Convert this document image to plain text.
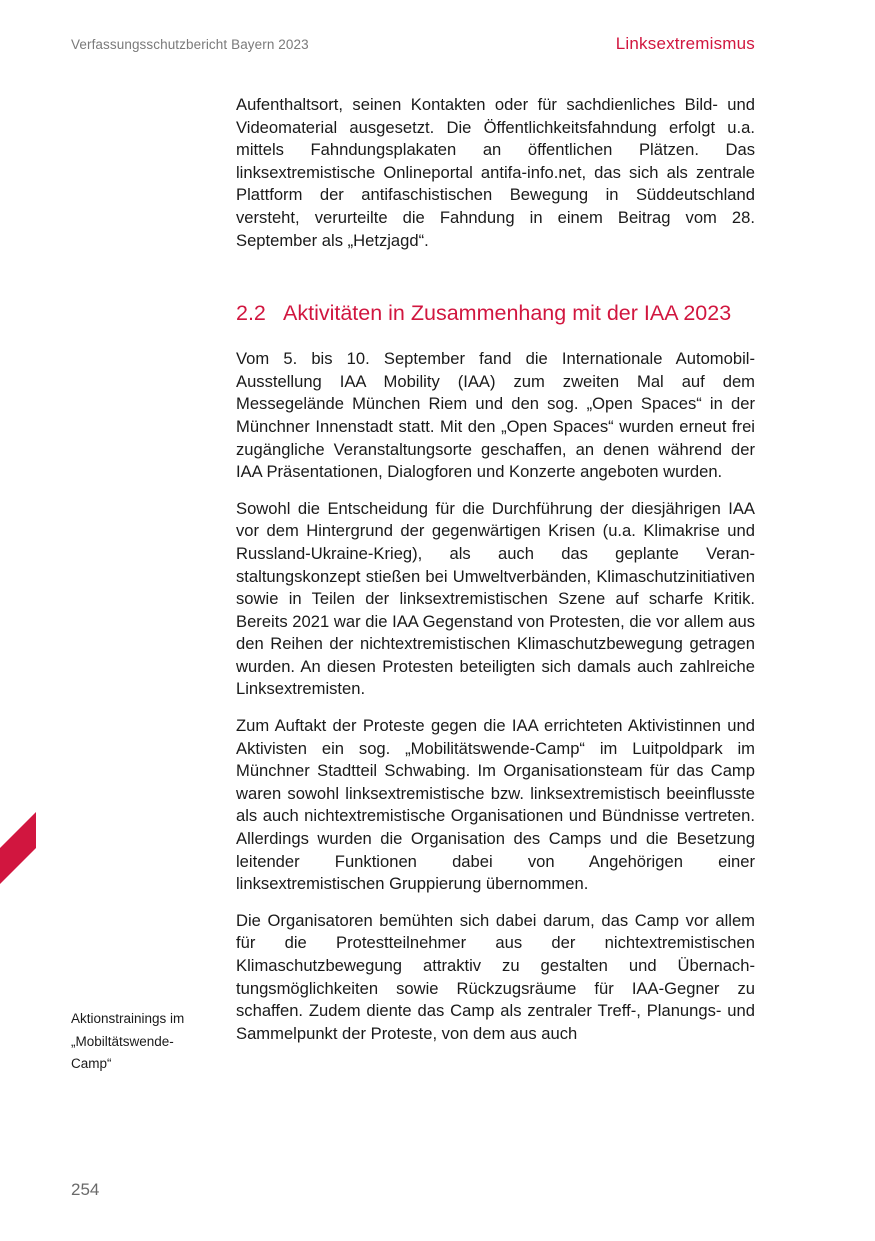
Verfassungsschutzbericht Bayern 2023	Linksextremismus

Aufenthaltsort, seinen Kontakten oder für sachdienliches Bild- und Videomaterial ausgesetzt. Die Öffentlichkeitsfahndung erfolgt u.a. mittels Fahndungsplakaten an öffentlichen Plätzen. Das linksextremistische Onlineportal antifa-info.net, das sich als zentrale Plattform der antifaschistischen Bewegung in Süddeutschland versteht, verurteilte die Fahndung in einem Beitrag vom 28. September als „Hetzjagd“.

2.2 Aktivitäten in Zusammenhang mit der IAA 2023

Vom 5. bis 10. September fand die Internationale Automobil-Ausstellung IAA Mobility (IAA) zum zweiten Mal auf dem Messegelände München Riem und den sog. „Open Spaces“ in der Münchner Innenstadt statt. Mit den „Open Spaces“ wurden erneut frei zugängliche Veranstaltungsorte geschaffen, an denen während der IAA Präsentationen, Dialogforen und Konzerte angeboten wurden.

Sowohl die Entscheidung für die Durchführung der diesjährigen IAA vor dem Hintergrund der gegenwärtigen Krisen (u.a. Klimakrise und Russland-Ukraine-Krieg), als auch das geplante Veranstaltungskonzept stießen bei Umweltverbänden, Klimaschutzinitiativen sowie in Teilen der linksextremistischen Szene auf scharfe Kritik. Bereits 2021 war die IAA Gegenstand von Protesten, die vor allem aus den Reihen der nichtextremistischen Klimaschutzbewegung getragen wurden. An diesen Protesten beteiligten sich damals auch zahlreiche Linksextremisten.

Zum Auftakt der Proteste gegen die IAA errichteten Aktivistinnen und Aktivisten ein sog. „Mobilitätswende-Camp“ im Luitpoldpark im Münchner Stadtteil Schwabing. Im Organisationsteam für das Camp waren sowohl linksextremistische bzw. linksextremistisch beeinflusste als auch nichtextremistische Organisationen und Bündnisse vertreten. Allerdings wurden die Organisation des Camps und die Besetzung leitender Funktionen dabei von Angehörigen einer linksextremistischen Gruppierung übernommen.

Die Organisatoren bemühten sich dabei darum, das Camp vor allem für die Protestteilnehmer aus der nichtextremistischen Klimaschutzbewegung attraktiv zu gestalten und Übernachtungsmöglichkeiten sowie Rückzugsräume für IAA-Gegner zu schaffen. Zudem diente das Camp als zentraler Treff-, Planungs- und Sammelpunkt der Proteste, von dem aus auch

Aktionstrainings im
„Mobiltätswende-
Camp“
254
